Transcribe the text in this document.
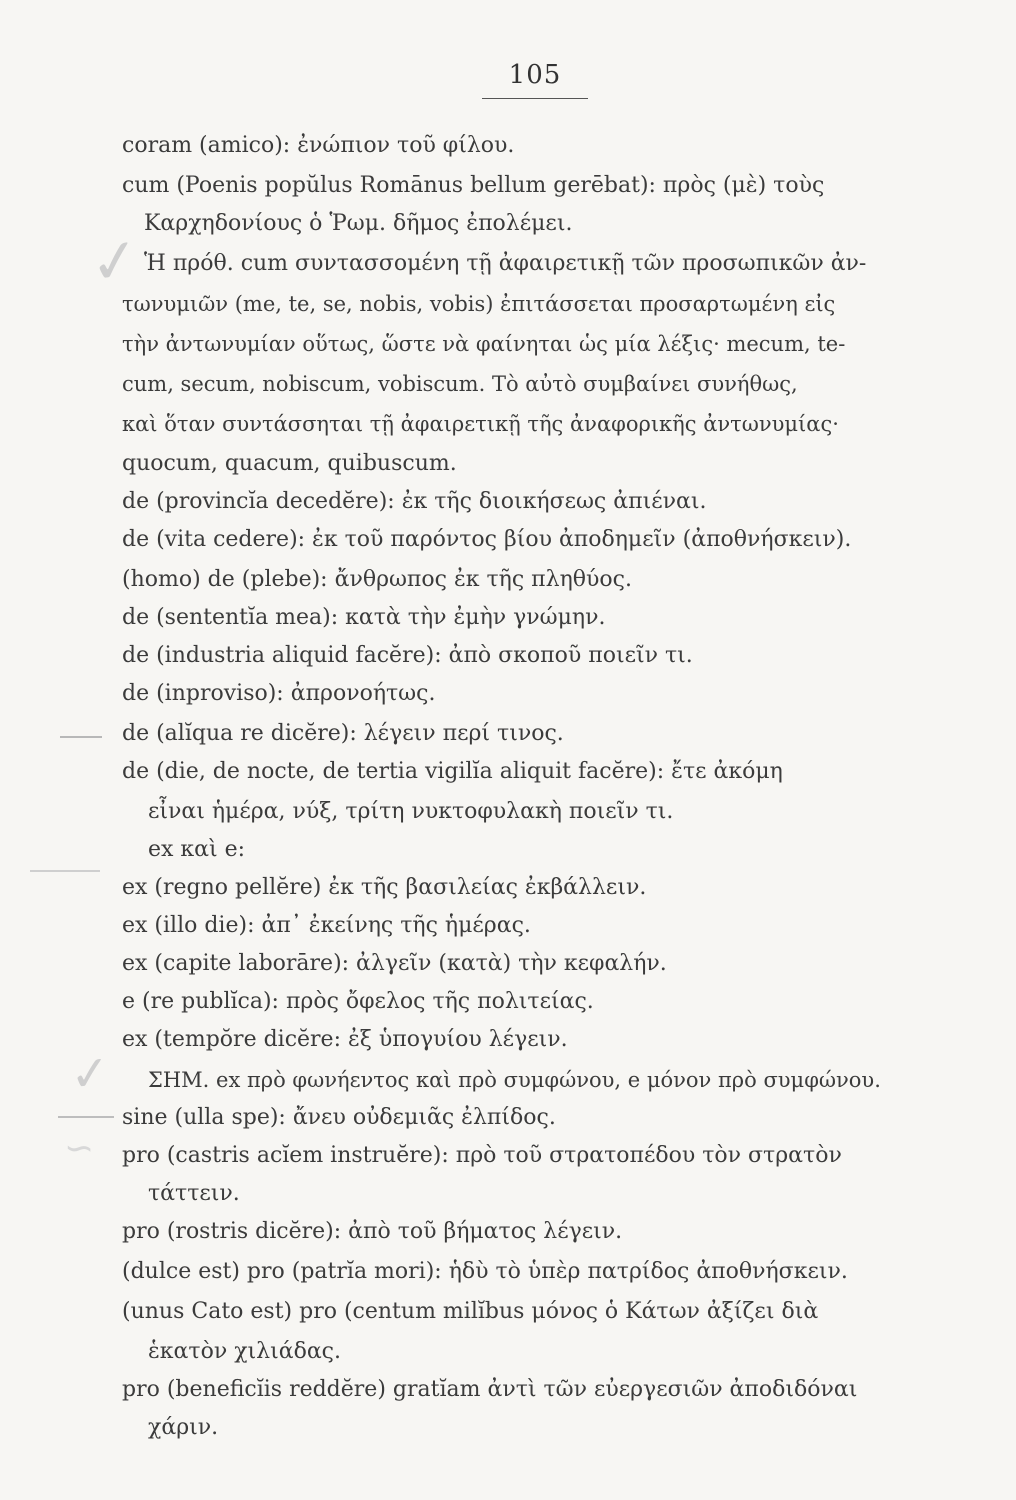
105
✓
✓
∽
coram (amico): ἐνώπιον τοῦ φίλου.
cum (Poenis popŭlus Romānus bellum gerēbat): πρὸς (μὲ) τοὺς
Καρχηδονίους ὁ Ῥωμ. δῆμος ἐπολέμει.
Ἡ πρόθ. cum συντασσομένη τῇ ἀφαιρετικῇ τῶν προσωπικῶν ἀν-
τωνυμιῶν (me, te, se, nobis, vobis) ἐπιτάσσεται προσαρτωμένη εἰς
τὴν ἀντωνυμίαν οὕτως, ὥστε νὰ φαίνηται ὡς μία λέξις· mecum, te-
cum, secum, nobiscum, vobiscum. Τὸ αὐτὸ συμβαίνει συνήθως,
καὶ ὅταν συντάσσηται τῇ ἀφαιρετικῇ τῆς ἀναφορικῆς ἀντωνυμίας·
quocum, quacum, quibuscum.
de (provincĭa decedĕre): ἐκ τῆς διοικήσεως ἀπιέναι.
de (vita cedere): ἐκ τοῦ παρόντος βίου ἀποδημεῖν (ἀποθνήσκειν).
(homo) de (plebe): ἄνθρωπος ἐκ τῆς πληθύος.
de (sententĭa mea): κατὰ τὴν ἐμὴν γνώμην.
de (industria aliquid facĕre): ἀπὸ σκοποῦ ποιεῖν τι.
de (inproviso): ἀπρονοήτως.
de (alĭqua re dicĕre): λέγειν περί τινος.
de (die, de nocte, de tertia vigilĭa aliquit facĕre): ἔτε ἀκόμη
εἶναι ἡμέρα, νύξ, τρίτη νυκτοφυλακὴ ποιεῖν τι.
ex καὶ e:
ex (regno pellĕre) ἐκ τῆς βασιλείας ἐκβάλλειν.
ex (illo die): ἀπ᾽ ἐκείνης τῆς ἡμέρας.
ex (capite laborāre): ἀλγεῖν (κατὰ) τὴν κεφαλήν.
e (re publĭca): πρὸς ὄφελος τῆς πολιτείας.
ex (tempŏre dicĕre: ἐξ ὑπογυίου λέγειν.
ΣΗΜ. ex πρὸ φωνήεντος καὶ πρὸ συμφώνου, e μόνον πρὸ συμφώνου.
sine (ulla spe): ἄνευ οὐδεμιᾶς ἐλπίδος.
pro (castris acĭem instruĕre): πρὸ τοῦ στρατοπέδου τὸν στρατὸν
τάττειν.
pro (rostris dicĕre): ἀπὸ τοῦ βήματος λέγειν.
(dulce est) pro (patrĭa mori): ἡδὺ τὸ ὑπὲρ πατρίδος ἀποθνήσκειν.
(unus Cato est) pro (centum milĭbus μόνος ὁ Κάτων ἀξίζει διὰ
ἑκατὸν χιλιάδας.
pro (beneficĭis reddĕre) gratĭam ἀντὶ τῶν εὐεργεσιῶν ἀποδιδόναι
χάριν.
